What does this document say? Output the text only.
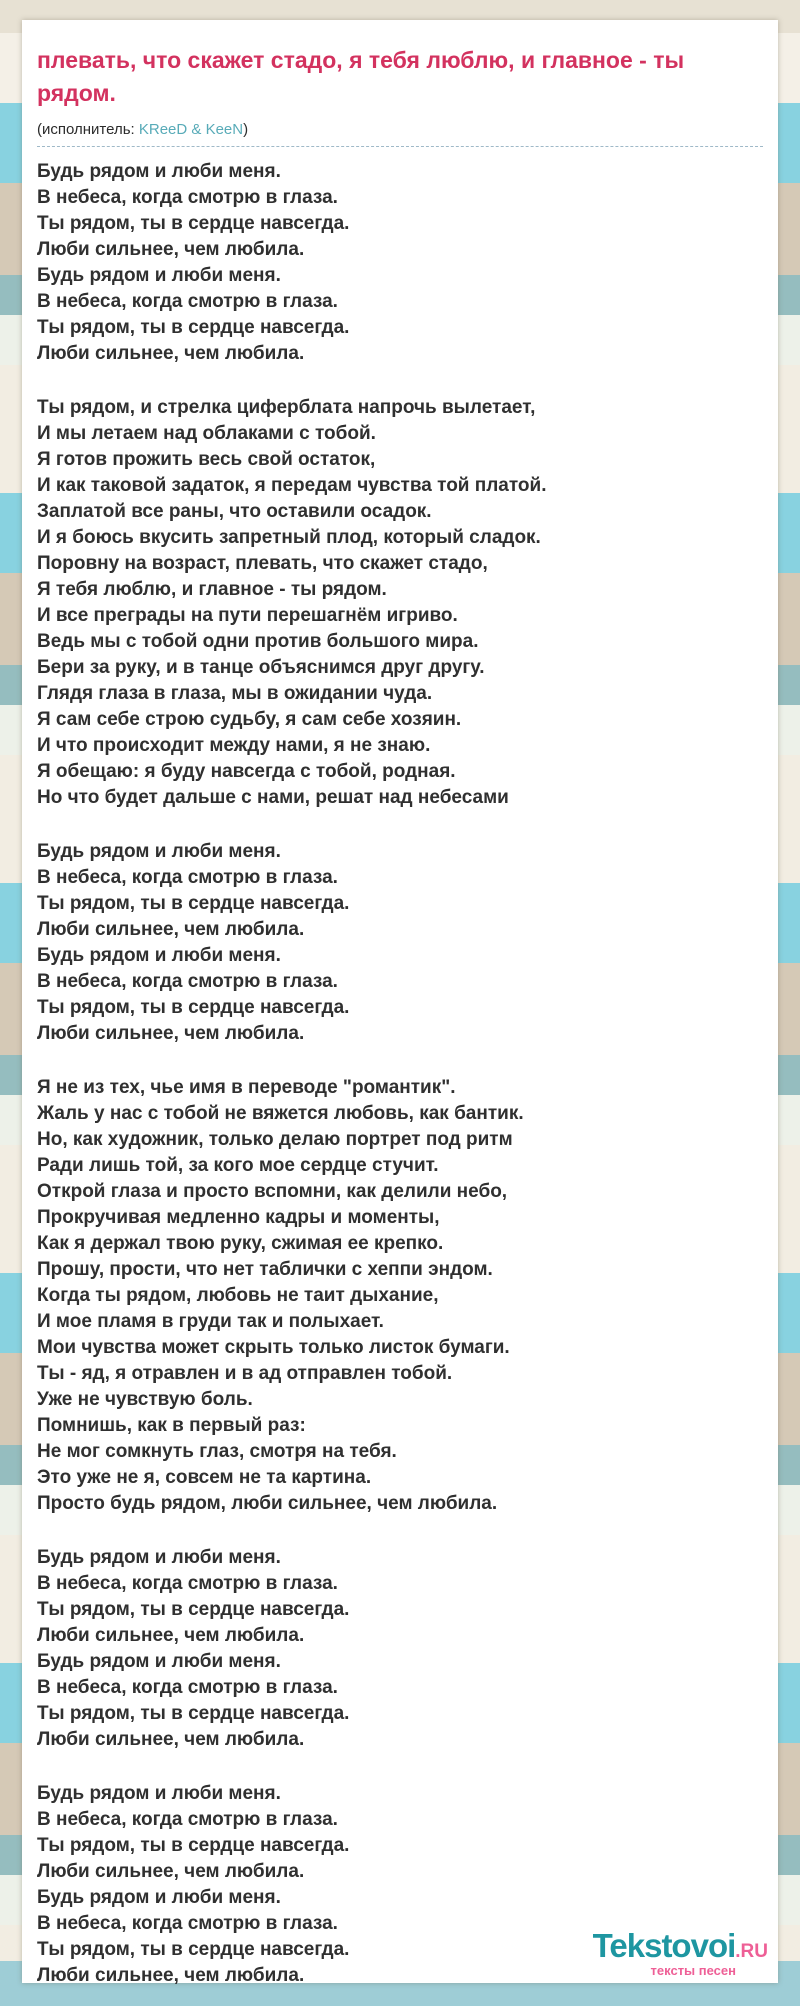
плевать, что скажет стадо, я тебя люблю, и главное - ты рядом.
(исполнитель: KReeD & KeeN)

Будь рядом и люби меня.
В небеса, когда смотрю в глаза.
Ты рядом, ты в сердце навсегда.
Люби сильнее, чем любила.
Будь рядом и люби меня.
В небеса, когда смотрю в глаза.
Ты рядом, ты в сердце навсегда.
Люби сильнее, чем любила.

Ты рядом, и стрелка циферблата напрочь вылетает,
И мы летаем над облаками с тобой.
Я готов прожить весь свой остаток,
И как таковой задаток, я передам чувства той платой.
Заплатой все раны, что оставили осадок.
И я боюсь вкусить запретный плод, который сладок.
Поровну на возраст, плевать, что скажет стадо,
Я тебя люблю, и главное - ты рядом.
И все преграды на пути перешагнём игриво.
Ведь мы с тобой одни против большого мира.
Бери за руку, и в танце объяснимся друг другу.
Глядя глаза в глаза, мы в ожидании чуда.
Я сам себе строю судьбу, я сам себе хозяин.
И что происходит между нами, я не знаю.
Я обещаю: я буду навсегда с тобой, родная.
Но что будет дальше с нами, решат над небесами

Будь рядом и люби меня.
В небеса, когда смотрю в глаза.
Ты рядом, ты в сердце навсегда.
Люби сильнее, чем любила.
Будь рядом и люби меня.
В небеса, когда смотрю в глаза.
Ты рядом, ты в сердце навсегда.
Люби сильнее, чем любила.

Я не из тех, чье имя в переводе "романтик".
Жаль у нас с тобой не вяжется любовь, как бантик.
Но, как художник, только делаю портрет под ритм
Ради лишь той, за кого мое сердце стучит.
Открой глаза и просто вспомни, как делили небо,
Прокручивая медленно кадры и моменты,
Как я держал твою руку, сжимая ее крепко.
Прошу, прости, что нет таблички с хеппи эндом.
Когда ты рядом, любовь не таит дыхание,
И мое пламя в груди так и полыхает.
Мои чувства может скрыть только листок бумаги.
Ты - яд, я отравлен и в ад отправлен тобой.
Уже не чувствую боль.
Помнишь, как в первый раз:
Не мог сомкнуть глаз, смотря на тебя.
Это уже не я, совсем не та картина.
Просто будь рядом, люби сильнее, чем любила.

Будь рядом и люби меня.
В небеса, когда смотрю в глаза.
Ты рядом, ты в сердце навсегда.
Люби сильнее, чем любила.
Будь рядом и люби меня.
В небеса, когда смотрю в глаза.
Ты рядом, ты в сердце навсегда.
Люби сильнее, чем любила.

Будь рядом и люби меня.
В небеса, когда смотрю в глаза.
Ты рядом, ты в сердце навсегда.
Люби сильнее, чем любила.
Будь рядом и люби меня.
В небеса, когда смотрю в глаза.
Ты рядом, ты в сердце навсегда.
Люби сильнее, чем любила.

Tekstovoi.RU
тексты песен
